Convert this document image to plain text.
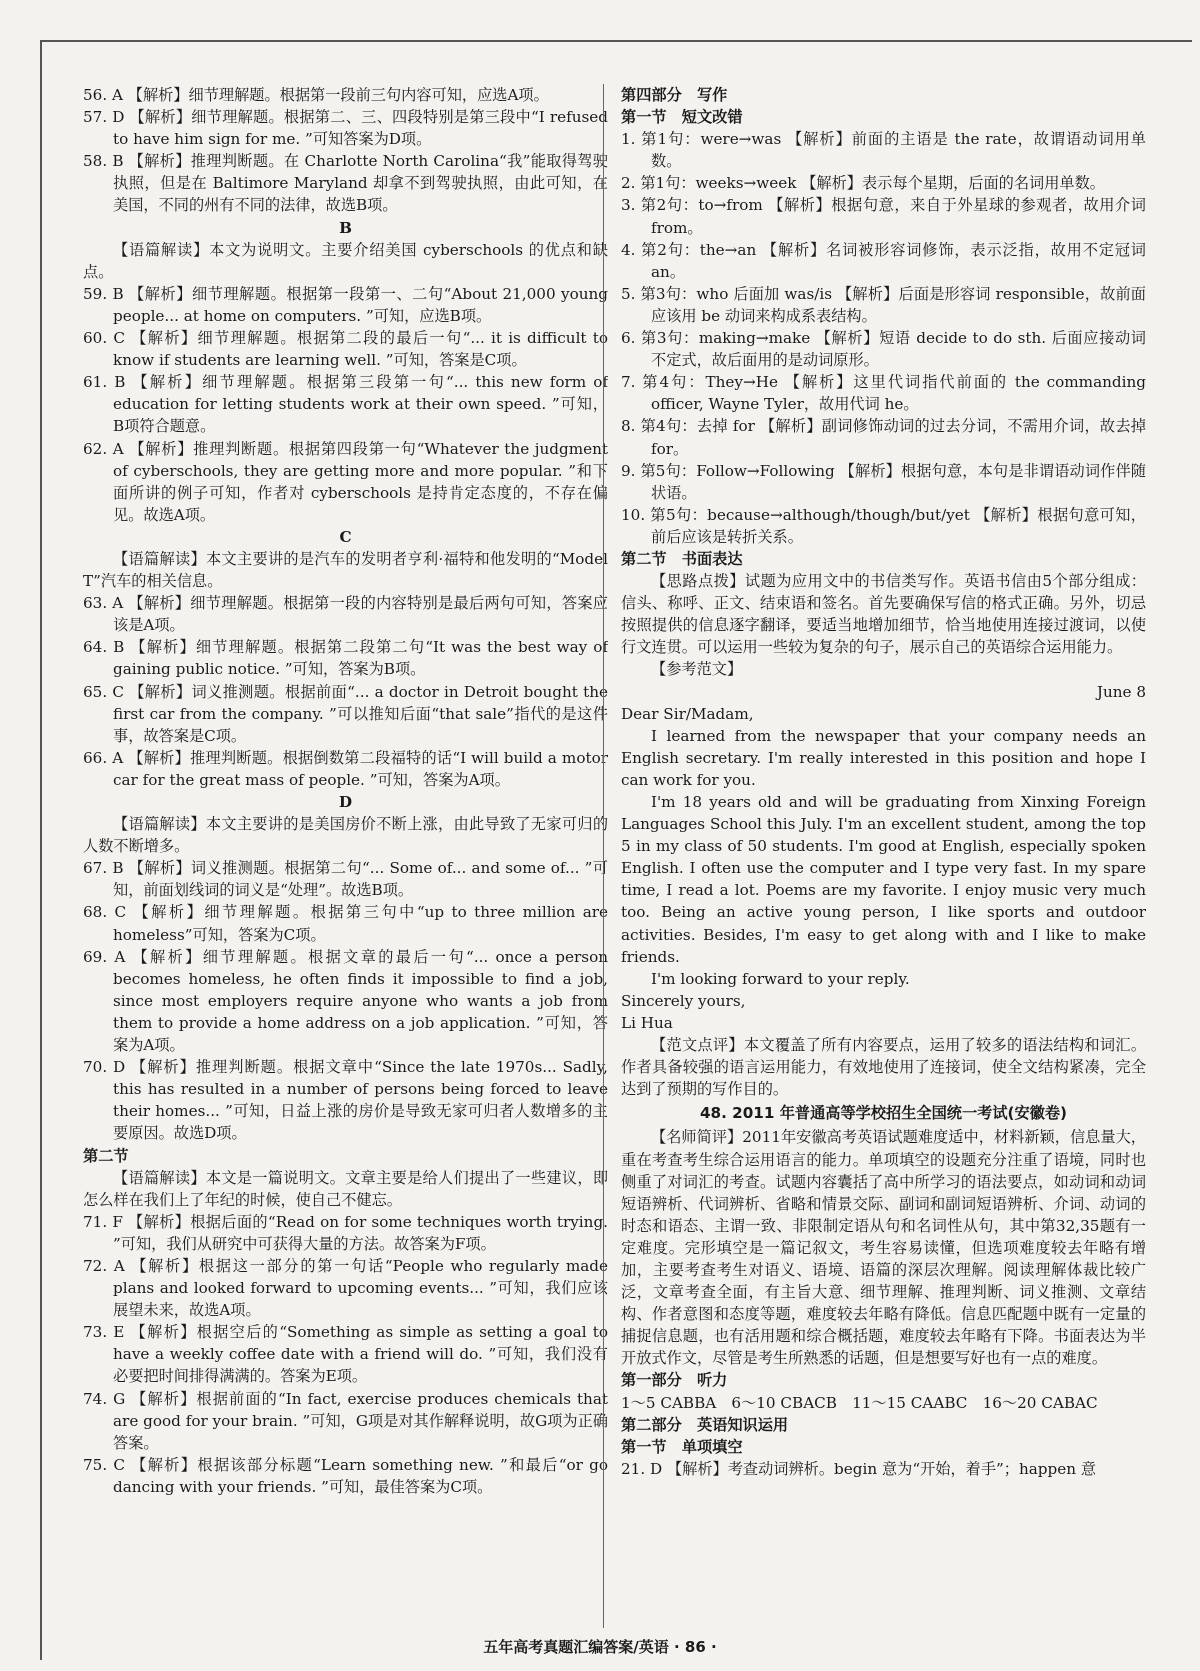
56. A 【解析】细节理解题。根据第一段前三句内容可知，应选A项。

57. D 【解析】细节理解题。根据第二、三、四段特别是第三段中“I refused to have him sign for me. ”可知答案为D项。

58. B 【解析】推理判断题。在 Charlotte North Carolina“我”能取得驾驶执照，但是在 Baltimore Maryland 却拿不到驾驶执照，由此可知，在美国，不同的州有不同的法律，故选B项。

B

【语篇解读】本文为说明文。主要介绍美国 cyberschools 的优点和缺点。

59. B 【解析】细节理解题。根据第一段第一、二句“About 21,000 young people... at home on computers. ”可知，应选B项。

60. C 【解析】细节理解题。根据第二段的最后一句“... it is difficult to know if students are learning well. ”可知，答案是C项。

61. B 【解析】细节理解题。根据第三段第一句“... this new form of education for letting students work at their own speed. ”可知，B项符合题意。

62. A 【解析】推理判断题。根据第四段第一句“Whatever the judgment of cyberschools, they are getting more and more popular. ”和下面所讲的例子可知，作者对 cyberschools 是持肯定态度的，不存在偏见。故选A项。

C

【语篇解读】本文主要讲的是汽车的发明者亨利·福特和他发明的“Model T”汽车的相关信息。

63. A 【解析】细节理解题。根据第一段的内容特别是最后两句可知，答案应该是A项。

64. B 【解析】细节理解题。根据第二段第二句“It was the best way of gaining public notice. ”可知，答案为B项。

65. C 【解析】词义推测题。根据前面“... a doctor in Detroit bought the first car from the company. ”可以推知后面“that sale”指代的是这件事，故答案是C项。

66. A 【解析】推理判断题。根据倒数第二段福特的话“I will build a motor car for the great mass of people. ”可知，答案为A项。

D

【语篇解读】本文主要讲的是美国房价不断上涨，由此导致了无家可归的人数不断增多。

67. B 【解析】词义推测题。根据第二句“... Some of... and some of... ”可知，前面划线词的词义是“处理”。故选B项。

68. C 【解析】细节理解题。根据第三句中“up to three million are homeless”可知，答案为C项。

69. A 【解析】细节理解题。根据文章的最后一句“... once a person becomes homeless, he often finds it impossible to find a job, since most employers require anyone who wants a job from them to provide a home address on a job application. ”可知，答案为A项。

70. D 【解析】推理判断题。根据文章中“Since the late 1970s... Sadly, this has resulted in a number of persons being forced to leave their homes... ”可知，日益上涨的房价是导致无家可归者人数增多的主要原因。故选D项。

第二节

【语篇解读】本文是一篇说明文。文章主要是给人们提出了一些建议，即怎么样在我们上了年纪的时候，使自己不健忘。

71. F 【解析】根据后面的“Read on for some techniques worth trying. ”可知，我们从研究中可获得大量的方法。故答案为F项。

72. A 【解析】根据这一部分的第一句话“People who regularly made plans and looked forward to upcoming events... ”可知，我们应该展望未来，故选A项。

73. E 【解析】根据空后的“Something as simple as setting a goal to have a weekly coffee date with a friend will do. ”可知，我们没有必要把时间排得满满的。答案为E项。

74. G 【解析】根据前面的“In fact, exercise produces chemicals that are good for your brain. ”可知，G项是对其作解释说明，故G项为正确答案。

75. C 【解析】根据该部分标题“Learn something new. ”和最后“or go dancing with your friends. ”可知，最佳答案为C项。

第四部分　写作

第一节　短文改错

1. 第1句：were→was 【解析】前面的主语是 the rate，故谓语动词用单数。

2. 第1句：weeks→week 【解析】表示每个星期，后面的名词用单数。

3. 第2句：to→from 【解析】根据句意，来自于外星球的参观者，故用介词 from。

4. 第2句：the→an 【解析】名词被形容词修饰，表示泛指，故用不定冠词 an。

5. 第3句：who 后面加 was/is 【解析】后面是形容词 responsible，故前面应该用 be 动词来构成系表结构。

6. 第3句：making→make 【解析】短语 decide to do sth. 后面应接动词不定式，故后面用的是动词原形。

7. 第4句：They→He 【解析】这里代词指代前面的 the commanding officer, Wayne Tyler，故用代词 he。

8. 第4句：去掉 for 【解析】副词修饰动词的过去分词，不需用介词，故去掉 for。

9. 第5句：Follow→Following 【解析】根据句意，本句是非谓语动词作伴随状语。

10. 第5句：because→although/though/but/yet 【解析】根据句意可知，前后应该是转折关系。

第二节　书面表达

【思路点拨】试题为应用文中的书信类写作。英语书信由5个部分组成：信头、称呼、正文、结束语和签名。首先要确保写信的格式正确。另外，切忌按照提供的信息逐字翻译，要适当地增加细节，恰当地使用连接过渡词，以使行文连贯。可以运用一些较为复杂的句子，展示自己的英语综合运用能力。

【参考范文】

June 8

Dear Sir/Madam,

I learned from the newspaper that your company needs an English secretary. I'm really interested in this position and hope I can work for you.

I'm 18 years old and will be graduating from Xinxing Foreign Languages School this July. I'm an excellent student, among the top 5 in my class of 50 students. I'm good at English, especially spoken English. I often use the computer and I type very fast. In my spare time, I read a lot. Poems are my favorite. I enjoy music very much too. Being an active young person, I like sports and outdoor activities. Besides, I'm easy to get along with and I like to make friends.

I'm looking forward to your reply.

Sincerely yours,

Li Hua

【范文点评】本文覆盖了所有内容要点，运用了较多的语法结构和词汇。作者具备较强的语言运用能力，有效地使用了连接词，使全文结构紧凑，完全达到了预期的写作目的。

48. 2011 年普通高等学校招生全国统一考试(安徽卷)

【名师简评】2011年安徽高考英语试题难度适中，材料新颖，信息量大，重在考查考生综合运用语言的能力。单项填空的设题充分注重了语境，同时也侧重了对词汇的考查。试题内容囊括了高中所学习的语法要点，如动词和动词短语辨析、代词辨析、省略和情景交际、副词和副词短语辨析、介词、动词的时态和语态、主谓一致、非限制定语从句和名词性从句，其中第32,35题有一定难度。完形填空是一篇记叙文，考生容易读懂，但选项难度较去年略有增加，主要考查考生对语义、语境、语篇的深层次理解。阅读理解体裁比较广泛，文章考查全面，有主旨大意、细节理解、推理判断、词义推测、文章结构、作者意图和态度等题，难度较去年略有降低。信息匹配题中既有一定量的捕捉信息题，也有活用题和综合概括题，难度较去年略有下降。书面表达为半开放式作文，尽管是考生所熟悉的话题，但是想要写好也有一点的难度。

第一部分　听力

1～5 CABBA　6～10 CBACB　11～15 CAABC　16～20 CABAC

第二部分　英语知识运用

第一节　单项填空

21. D 【解析】考查动词辨析。begin 意为“开始，着手”；happen 意

五年高考真题汇编答案/英语 · 86 ·
